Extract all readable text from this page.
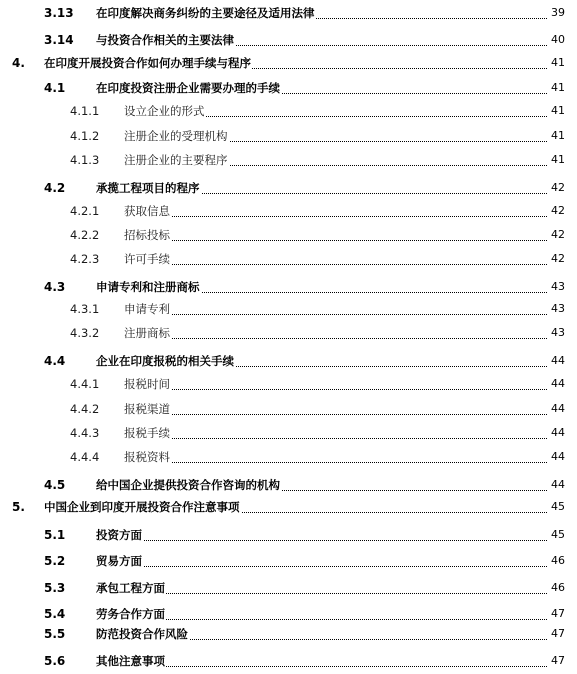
3.13 在印度解决商务纠纷的主要途径及适用法律	39
3.14 与投资合作相关的主要法律	40
4. 在印度开展投资合作如何办理手续与程序	41
4.1	在印度投资注册企业需要办理的手续	41
4.1.1 设立企业的形式	41
4.1.2 注册企业的受理机构	41
4.1.3 注册企业的主要程序	41
4.2	承揽工程项目的程序	42
4.2.1 获取信息	42
4.2.2 招标投标	42
4.2.3 许可手续	42
4.3	申请专利和注册商标	43
4.3.1 申请专利	43
4.3.2 注册商标	43
4.4	企业在印度报税的相关手续	44
4.4.1 报税时间	44
4.4.2 报税渠道	44
4.4.3 报税手续	44
4.4.4 报税资料	44
4.5	给中国企业提供投资合作咨询的机构	44
5. 中国企业到印度开展投资合作注意事项	45
5.1	投资方面	45
5.2	贸易方面	46
5.3	承包工程方面	46
5.4	劳务合作方面	47
5.5	防范投资合作风险	47
5.6	其他注意事项	47
